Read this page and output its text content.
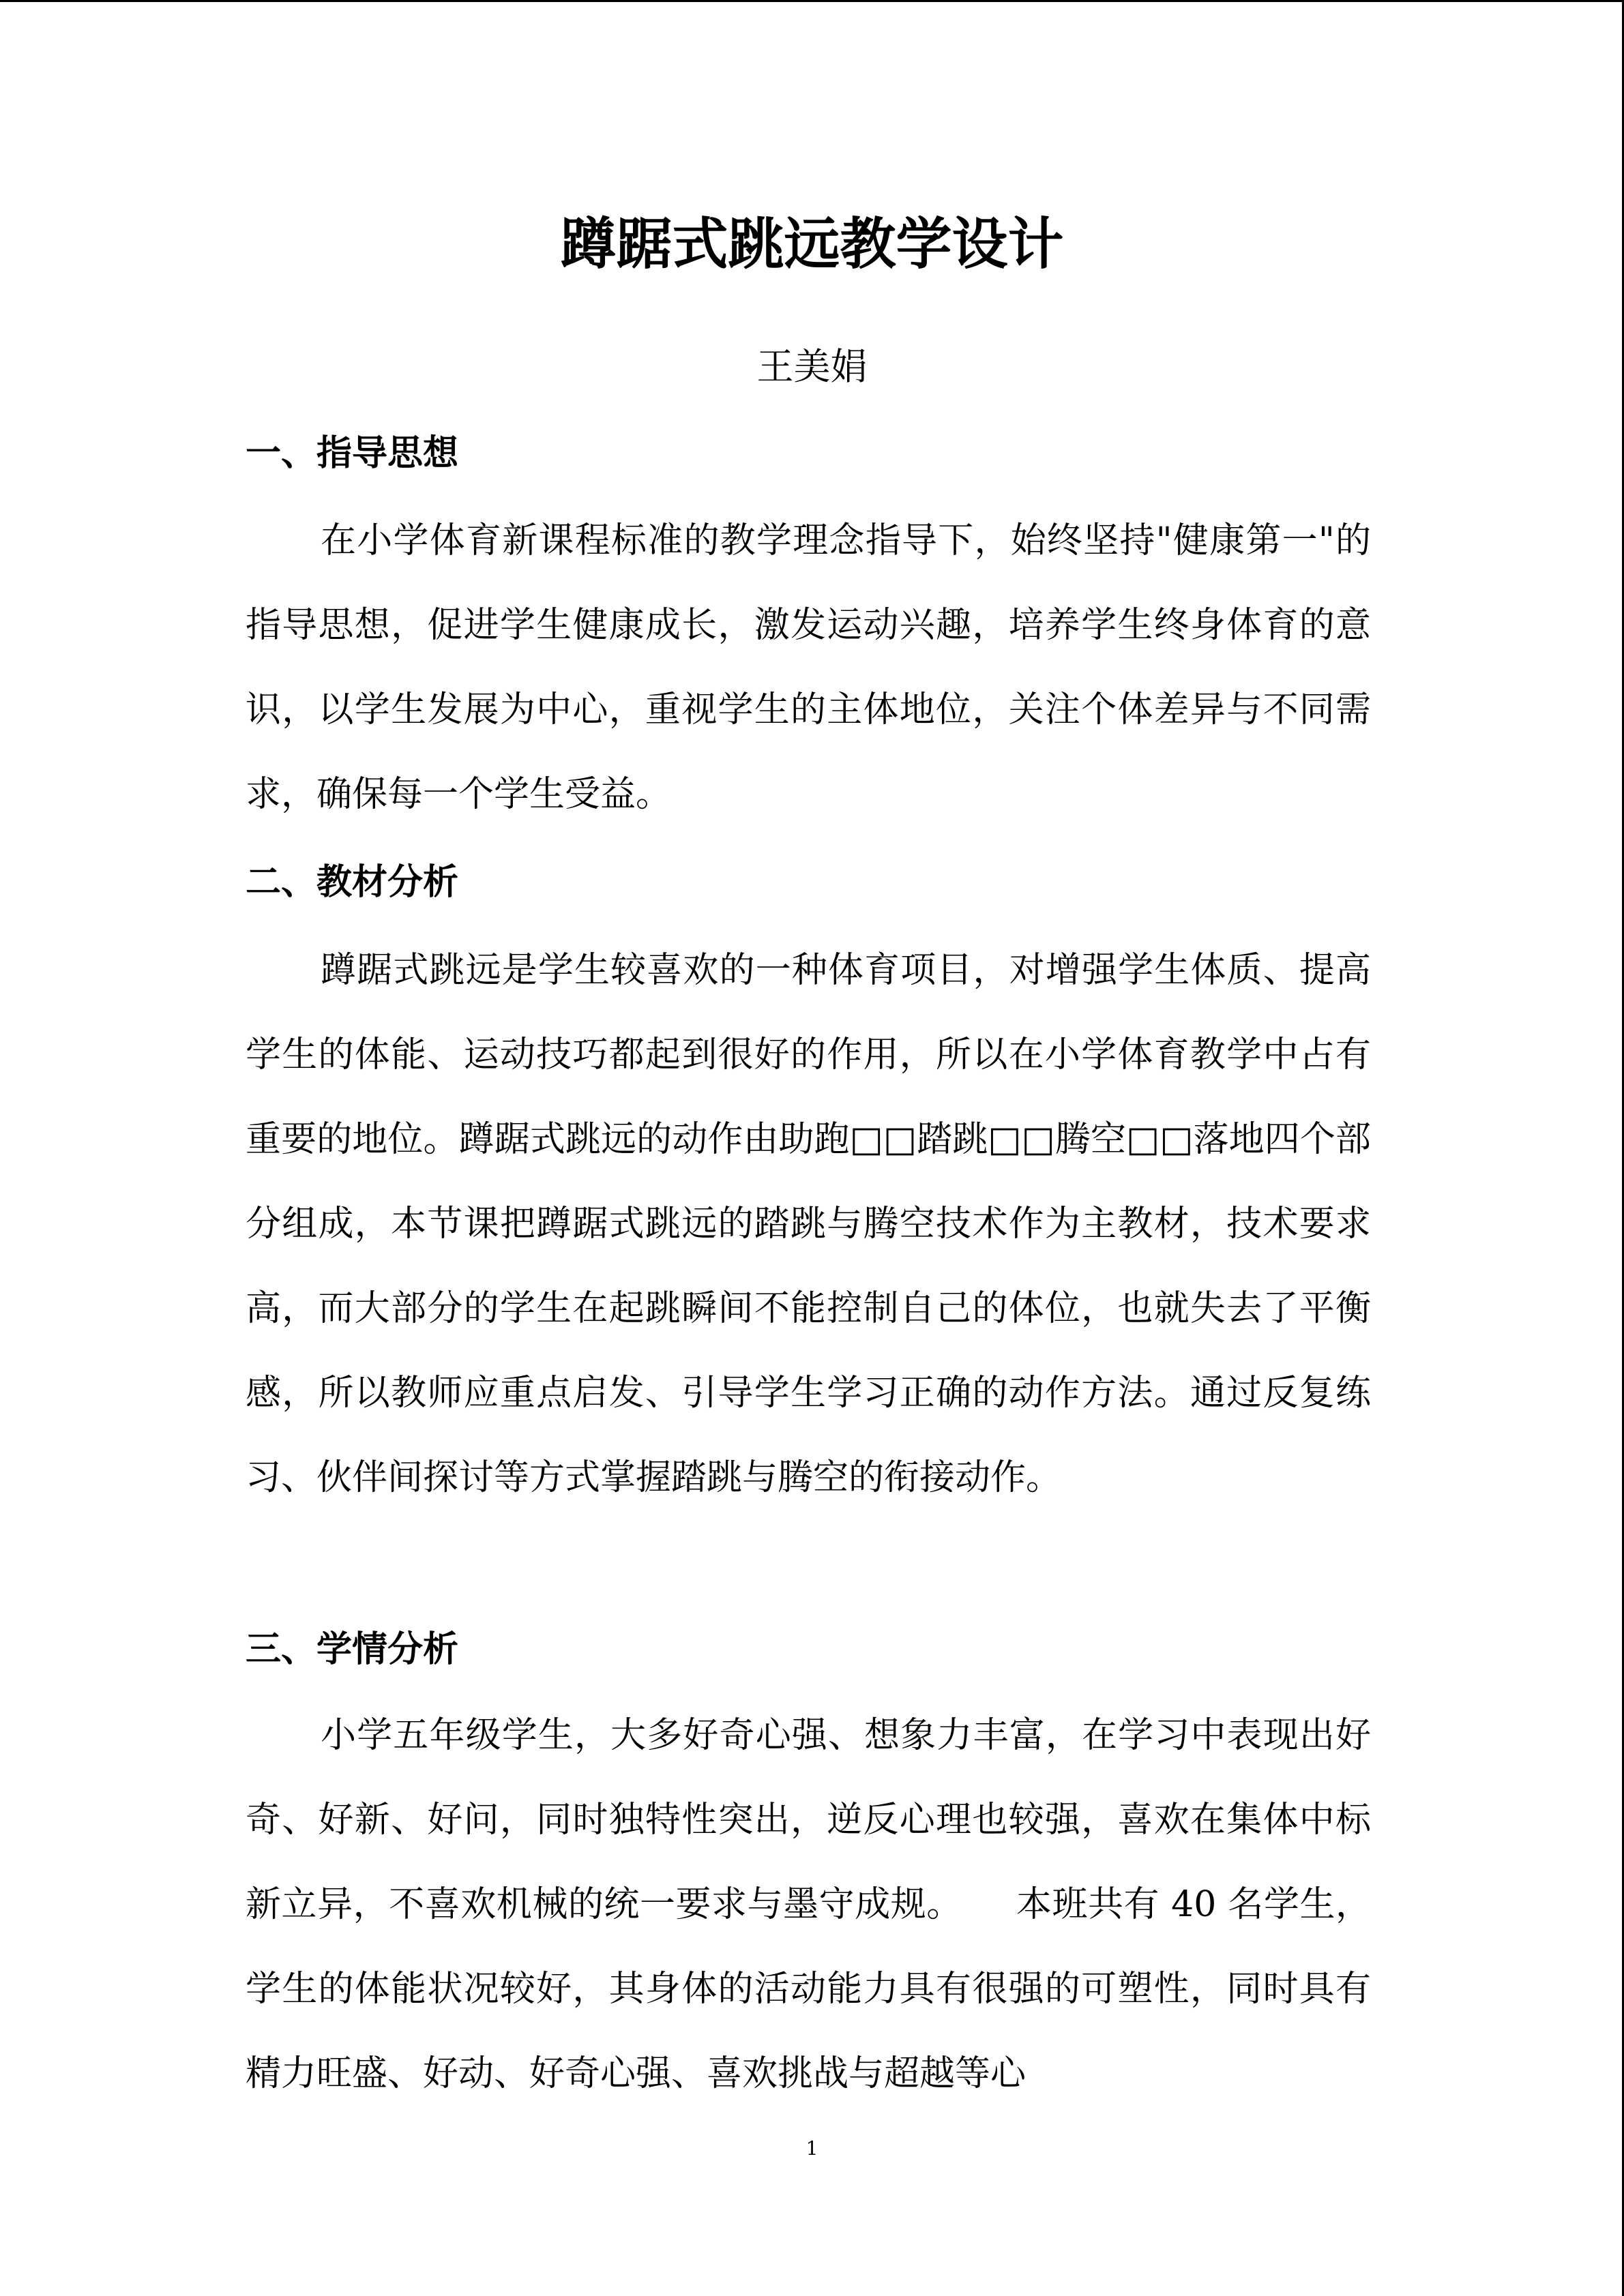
蹲踞式跳远教学设计
王美娟
一、指导思想

在小学体育新课程标准的教学理念指导下，始终坚持"健康第一"的指导思想，促进学生健康成长，激发运动兴趣，培养学生终身体育的意识，以学生发展为中心，重视学生的主体地位，关注个体差异与不同需求，确保每一个学生受益。

二、教材分析

蹲踞式跳远是学生较喜欢的一种体育项目，对增强学生体质、提高学生的体能、运动技巧都起到很好的作用，所以在小学体育教学中占有重要的地位。蹲踞式跳远的动作由助跑□□踏跳□□腾空□□落地四个部分组成，本节课把蹲踞式跳远的踏跳与腾空技术作为主教材，技术要求高，而大部分的学生在起跳瞬间不能控制自己的体位，也就失去了平衡感，所以教师应重点启发、引导学生学习正确的动作方法。通过反复练习、伙伴间探讨等方式掌握踏跳与腾空的衔接动作。

三、学情分析

小学五年级学生，大多好奇心强、想象力丰富，在学习中表现出好奇、好新、好问，同时独特性突出，逆反心理也较强，喜欢在集体中标新立异，不喜欢机械的统一要求与墨守成规。　　本班共有 40 名学生，学生的体能状况较好，其身体的活动能力具有很强的可塑性，同时具有精力旺盛、好动、好奇心强、喜欢挑战与超越等心

1
